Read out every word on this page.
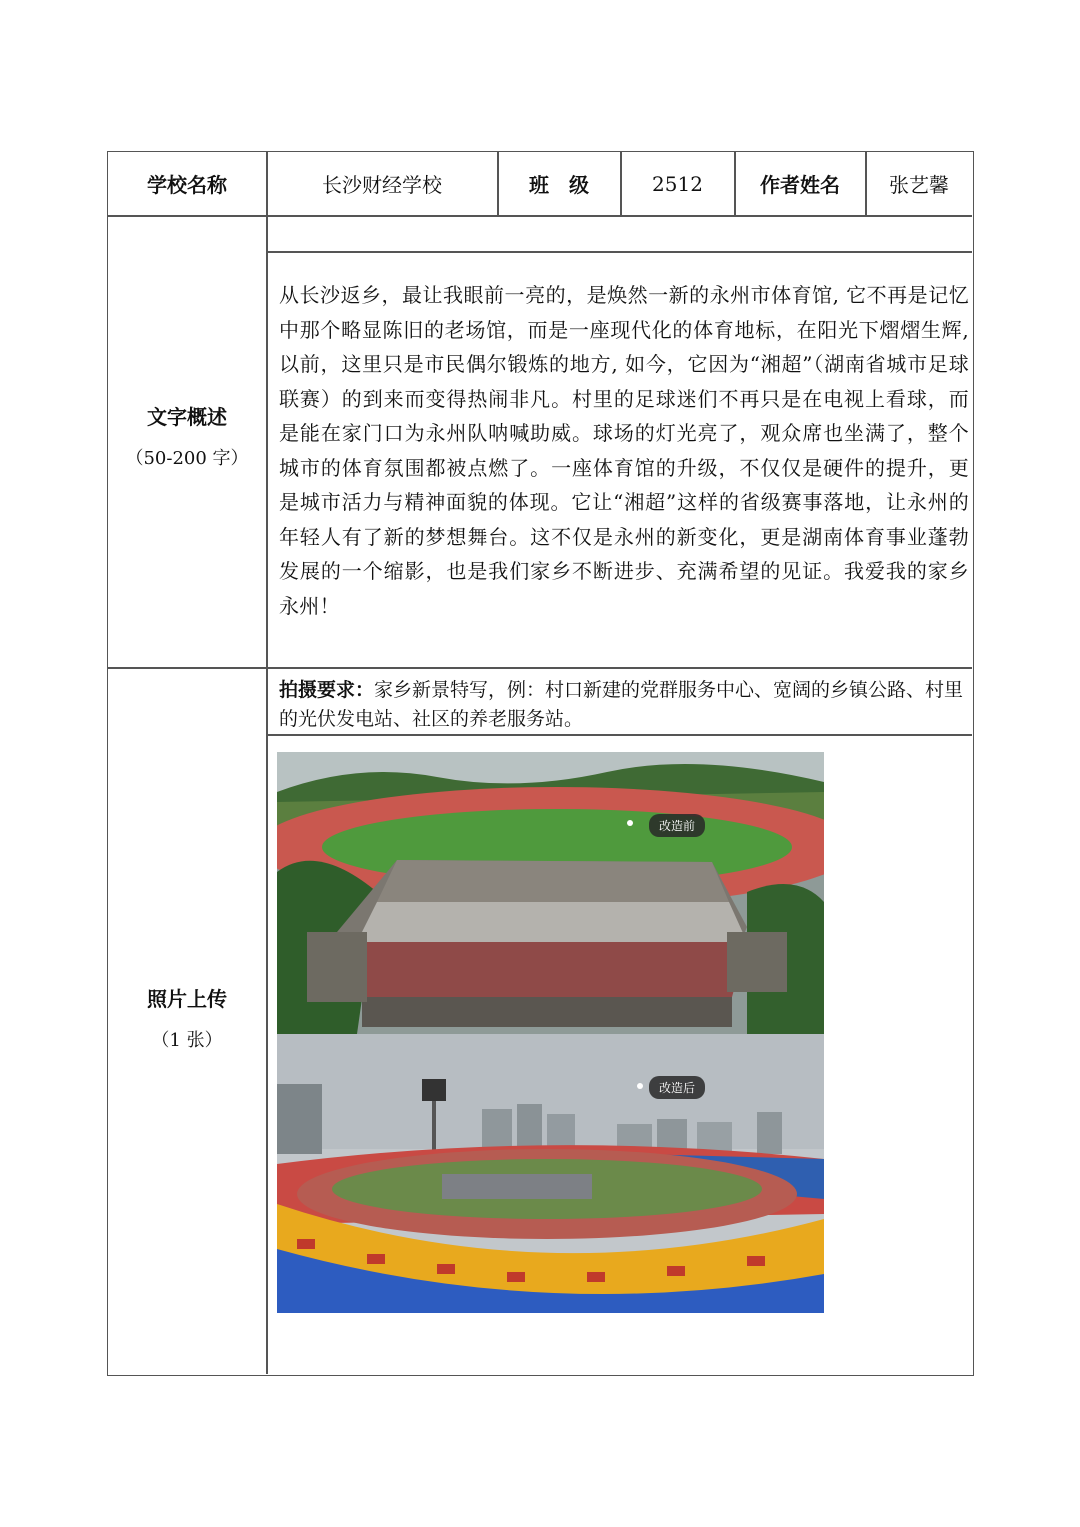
学校名称	长沙财经学校	班　级	2512	作者姓名	张艺馨
文字概述
（50-200 字）
从长沙返乡，最让我眼前一亮的，是焕然一新的永州市体育馆, 它不再是记忆中那个略显陈旧的老场馆，而是一座现代化的体育地标，在阳光下熠熠生辉, 以前，这里只是市民偶尔锻炼的地方, 如今，它因为“湘超”（湖南省城市足球联赛）的到来而变得热闹非凡。村里的足球迷们不再只是在电视上看球，而是能在家门口为永州队呐喊助威。球场的灯光亮了，观众席也坐满了，整个城市的体育氛围都被点燃了。一座体育馆的升级，不仅仅是硬件的提升，更是城市活力与精神面貌的体现。它让“湘超”这样的省级赛事落地，让永州的年轻人有了新的梦想舞台。这不仅是永州的新变化，更是湖南体育事业蓬勃发展的一个缩影，也是我们家乡不断进步、充满希望的见证。我爱我的家乡永州！
照片上传
（1 张）
拍摄要求：家乡新景特写，例：村口新建的党群服务中心、宽阔的乡镇公路、村里的光伏发电站、社区的养老服务站。
改造前
改造后
